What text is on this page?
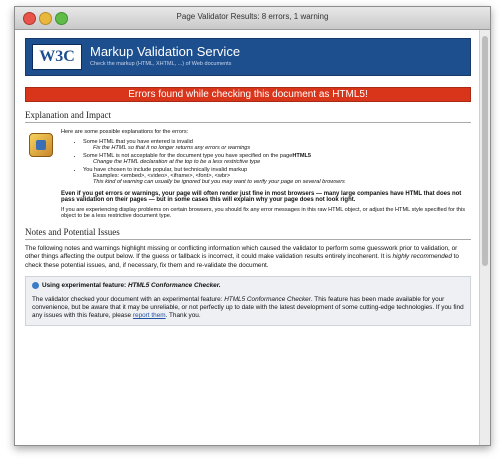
Page Validator Results: 8 errors, 1 warning
W3C	Markup Validation Service
Check the markup (HTML, XHTML, ...) of Web documents
Errors found while checking this document as HTML5!
Explanation and Impact

Here are some possible explanations for the errors:

• Some HTML that you have entered is invalid
Fix the HTML so that it no longer returns any errors or warnings
• Some HTML is not acceptable for the document type you have specified on the pageHTML5
Change the HTML declaration at the top to be a less restrictive type
• You have chosen to include popular, but technically invalid markup
Examples: <embed>, <video>, <iframe>, <font>, <wbr>
This kind of warning can usually be ignored but you may want to verify your page on several browsers

Even if you get errors or warnings, your page will often render just fine in most browsers — many large companies have HTML that does not pass validation on their pages — but in some cases this will explain why your page does not look right.

If you are experiencing display problems on certain browsers, you should fix any error messages in this raw HTML object, or adjust the HTML style specified for this object to be a less restrictive document type.

Notes and Potential Issues
The following notes and warnings highlight missing or conflicting information which caused the validator to perform some guesswork prior to validation, or other things affecting the output below. If the guess or fallback is incorrect, it could make validation results entirely incoherent. It is highly recommended to check these potential issues, and, if necessary, fix them and re-validate the document.
Using experimental feature: HTML5 Conformance Checker.
The validator checked your document with an experimental feature: HTML5 Conformance Checker. This feature has been made available for your convenience, but be aware that it may be unreliable, or not perfectly up to date with the latest development of some cutting-edge technologies. If you find any issues with this feature, please report them. Thank you.
